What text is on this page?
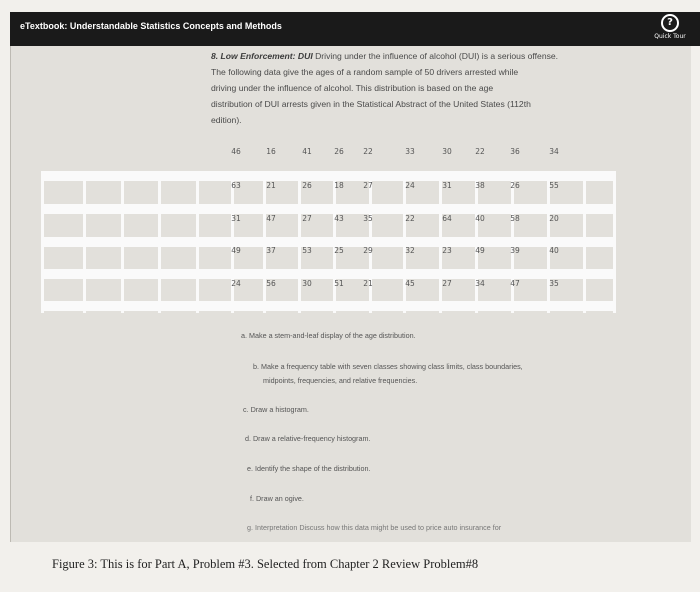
eTextbook: Understandable Statistics Concepts and Methods	?
Quick Tour
8. Low Enforcement: DUI Driving under the influence of alcohol (DUI) is a serious offense.
The following data give the ages of a random sample of 50 drivers arrested while
driving under the influence of alcohol. This distribution is based on the age
distribution of DUI arrests given in the Statistical Abstract of the United States (112th
edition).
46	16	41	26	22	33	30	22	36	34
63	21	26	18	27	24	31	38	26	55
31	47	27	43	35	22	64	40	58	20
49	37	53	25	29	32	23	49	39	40
24	56	30	51	21	45	27	34	47	35
a. Make a stem-and-leaf display of the age distribution.
b. Make a frequency table with seven classes showing class limits, class boundaries,
midpoints, frequencies, and relative frequencies.
c. Draw a histogram.
d. Draw a relative-frequency histogram.
e. Identify the shape of the distribution.
f. Draw an ogive.
g. Interpretation Discuss how this data might be used to price auto insurance for
Figure 3: This is for Part A, Problem #3. Selected from Chapter 2 Review Problem#8
